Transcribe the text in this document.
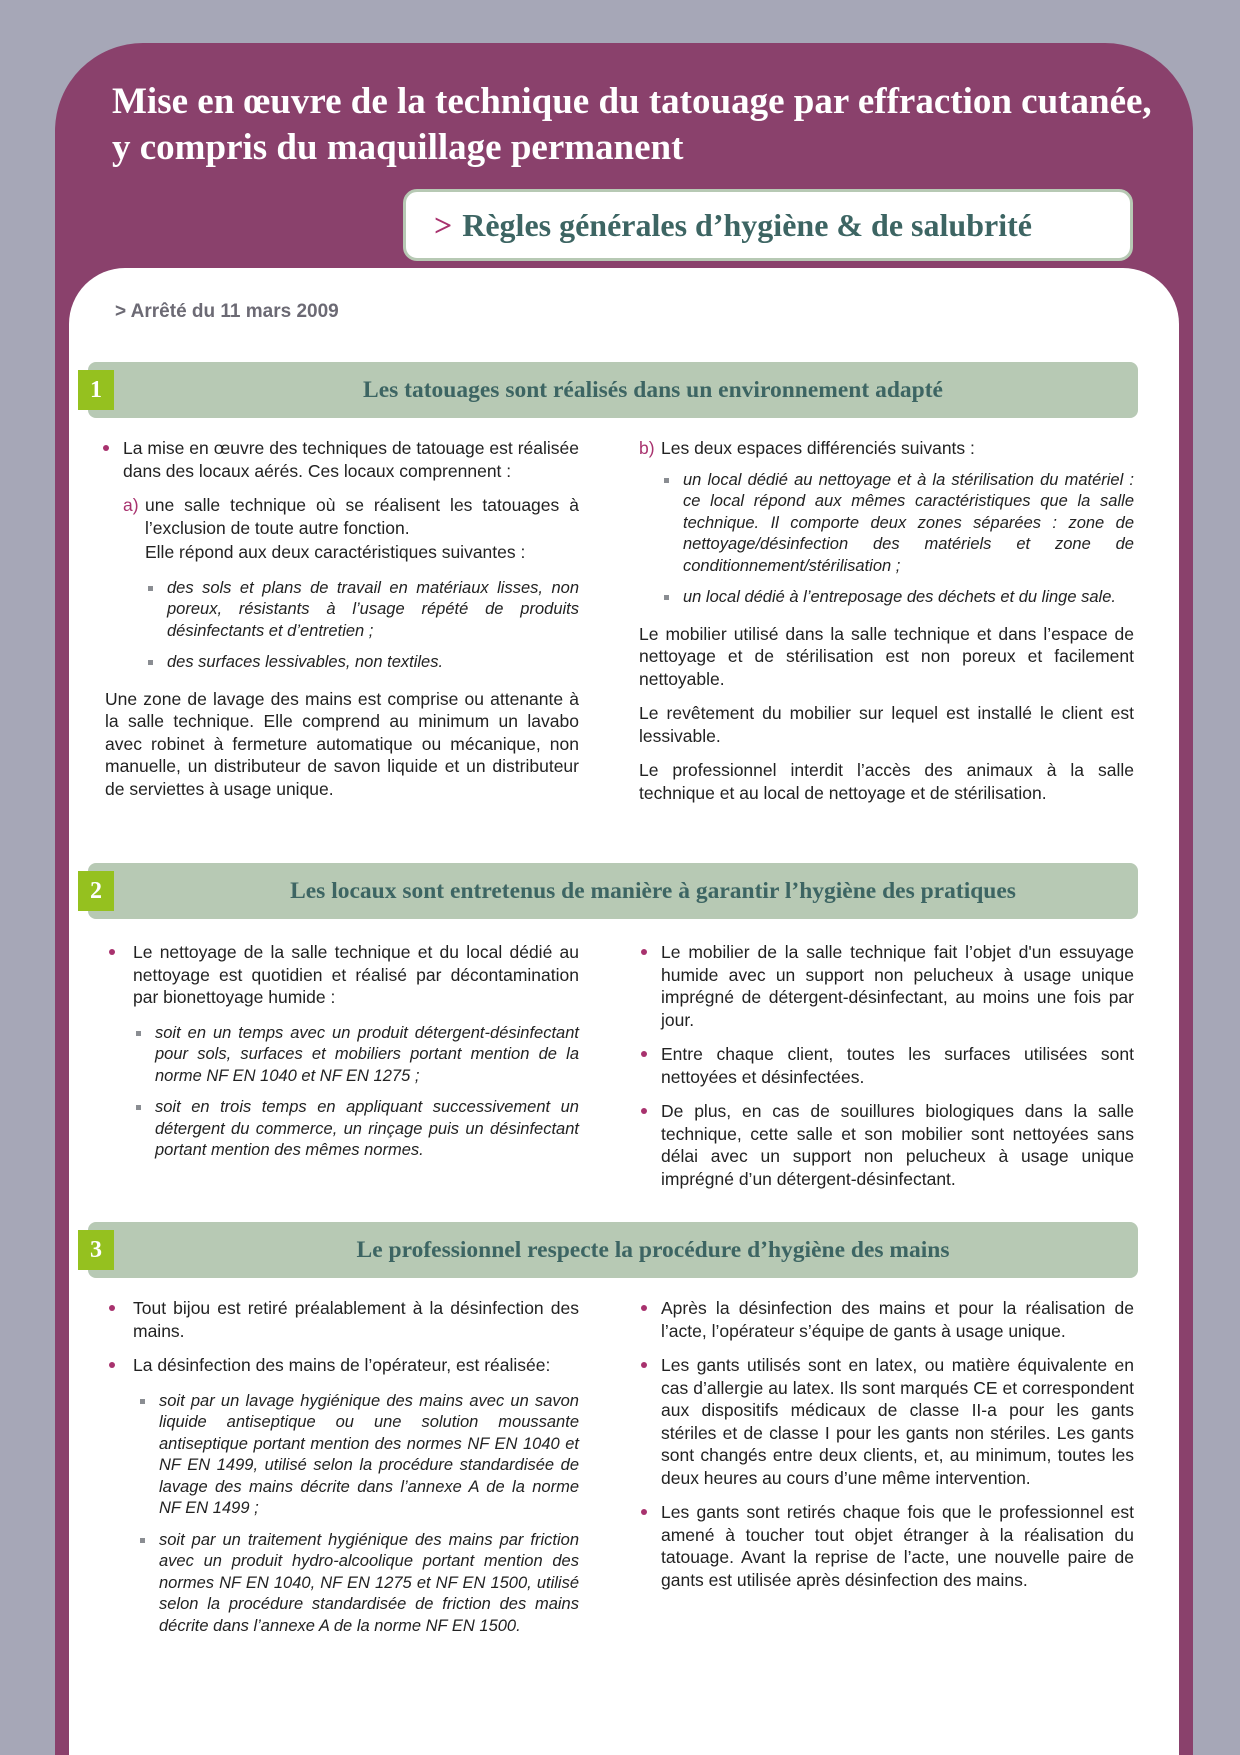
Mise en œuvre de la technique du tatouage par effraction cutanée, y compris du maquillage permanent
> Règles générales d’hygiène & de salubrité
> Arrêté du 11 mars 2009
1	Les tatouages sont réalisés dans un environnement adapté
La mise en œuvre des techniques de tatouage est réalisée dans des locaux aérés. Ces locaux comprennent :
a) une salle technique où se réalisent les tatouages à l’exclusion de toute autre fonction.
Elle répond aux deux caractéristiques suivantes :
des sols et plans de travail en matériaux lisses, non poreux, résistants à l’usage répété de produits désinfectants et d’entretien ;
des surfaces lessivables, non textiles.

Une zone de lavage des mains est comprise ou attenante à la salle technique. Elle comprend au minimum un lavabo avec robinet à fermeture automatique ou mécanique, non manuelle, un distributeur de savon liquide et un distributeur de serviettes à usage unique.

b) Les deux espaces différenciés suivants :
un local dédié au nettoyage et à la stérilisation du matériel : ce local répond aux mêmes caractéristiques que la salle technique. Il comporte deux zones séparées : zone de nettoyage/désinfection des matériels et zone de conditionnement/stérilisation ;
un local dédié à l’entreposage des déchets et du linge sale.

Le mobilier utilisé dans la salle technique et dans l’espace de nettoyage et de stérilisation est non poreux et facilement nettoyable.

Le revêtement du mobilier sur lequel est installé le client est lessivable.

Le professionnel interdit l’accès des animaux à la salle technique et au local de nettoyage et de stérilisation.

2	Les locaux sont entretenus de manière à garantir l’hygiène des pratiques
Le nettoyage de la salle technique et du local dédié au nettoyage est quotidien et réalisé par décontamination par bionettoyage humide :
soit en un temps avec un produit détergent-désinfectant pour sols, surfaces et mobiliers portant mention de la norme NF EN 1040 et NF EN 1275 ;
soit en trois temps en appliquant successivement un détergent du commerce, un rinçage puis un désinfectant portant mention des mêmes normes.
Le mobilier de la salle technique fait l’objet d'un essuyage humide avec un support non pelucheux à usage unique imprégné de détergent-désinfectant, au moins une fois par jour.
Entre chaque client, toutes les surfaces utilisées sont nettoyées et désinfectées.
De plus, en cas de souillures biologiques dans la salle technique, cette salle et son mobilier sont nettoyées sans délai avec un support non pelucheux à usage unique imprégné d’un détergent-désinfectant.
3	Le professionnel respecte la procédure d’hygiène des mains
Tout bijou est retiré préalablement à la désinfection des mains.
La désinfection des mains de l’opérateur, est réalisée:
soit par un lavage hygiénique des mains avec un savon liquide antiseptique ou une solution moussante antiseptique portant mention des normes NF EN 1040 et NF EN 1499, utilisé selon la procédure standardisée de lavage des mains décrite dans l’annexe A de la norme NF EN 1499 ;
soit par un traitement hygiénique des mains par friction avec un produit hydro-alcoolique portant mention des normes NF EN 1040, NF EN 1275 et NF EN 1500, utilisé selon la procédure standardisée de friction des mains décrite dans l’annexe A de la norme NF EN 1500.
Après la désinfection des mains et pour la réalisation de l’acte, l’opérateur s’équipe de gants à usage unique.
Les gants utilisés sont en latex, ou matière équivalente en cas d’allergie au latex. Ils sont marqués CE et correspondent aux dispositifs médicaux de classe II-a pour les gants stériles et de classe I pour les gants non stériles. Les gants sont changés entre deux clients, et, au minimum, toutes les deux heures au cours d’une même intervention.
Les gants sont retirés chaque fois que le professionnel est amené à toucher tout objet étranger à la réalisation du tatouage. Avant la reprise de l’acte, une nouvelle paire de gants est utilisée après désinfection des mains.
